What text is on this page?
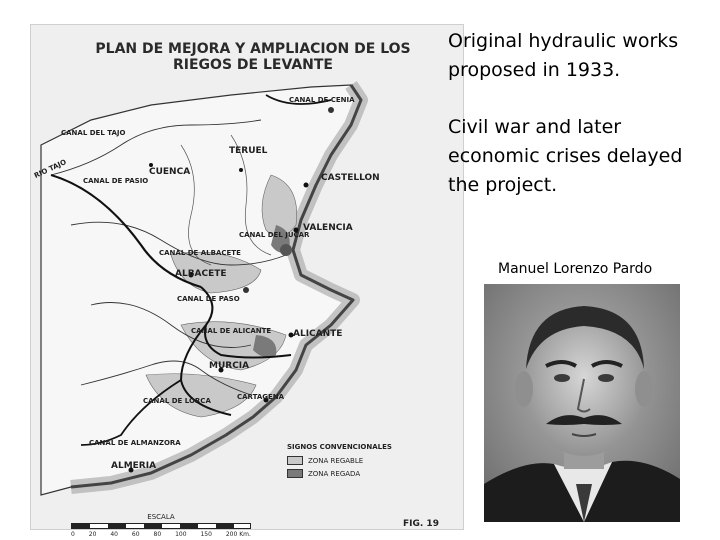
PLAN DE MEJORA Y AMPLIACION DE LOS
RIEGOS DE LEVANTE
CANAL DE CENIA
CANAL DEL TAJO
RIO TAJO
CANAL DE PASIO
CUENCA
TERUEL
CASTELLON
VALENCIA
CANAL DEL JUCAR
CANAL DE ALBACETE
ALBACETE
CANAL DE PASO
CANAL DE ALICANTE ALICANTE
MURCIA
CARTAGENA
CANAL DE LORCA
CANAL DE ALMANZORA
ALMERIA
SIGNOS CONVENCIONALES
ZONA REGABLE
ZONA REGADA
ESCALA
0 20 40 60 80 100 150 200 Km.
FIG. 19
Original hydraulic works proposed in 1933.
Civil war and later economic crises delayed the project.
Manuel Lorenzo Pardo
